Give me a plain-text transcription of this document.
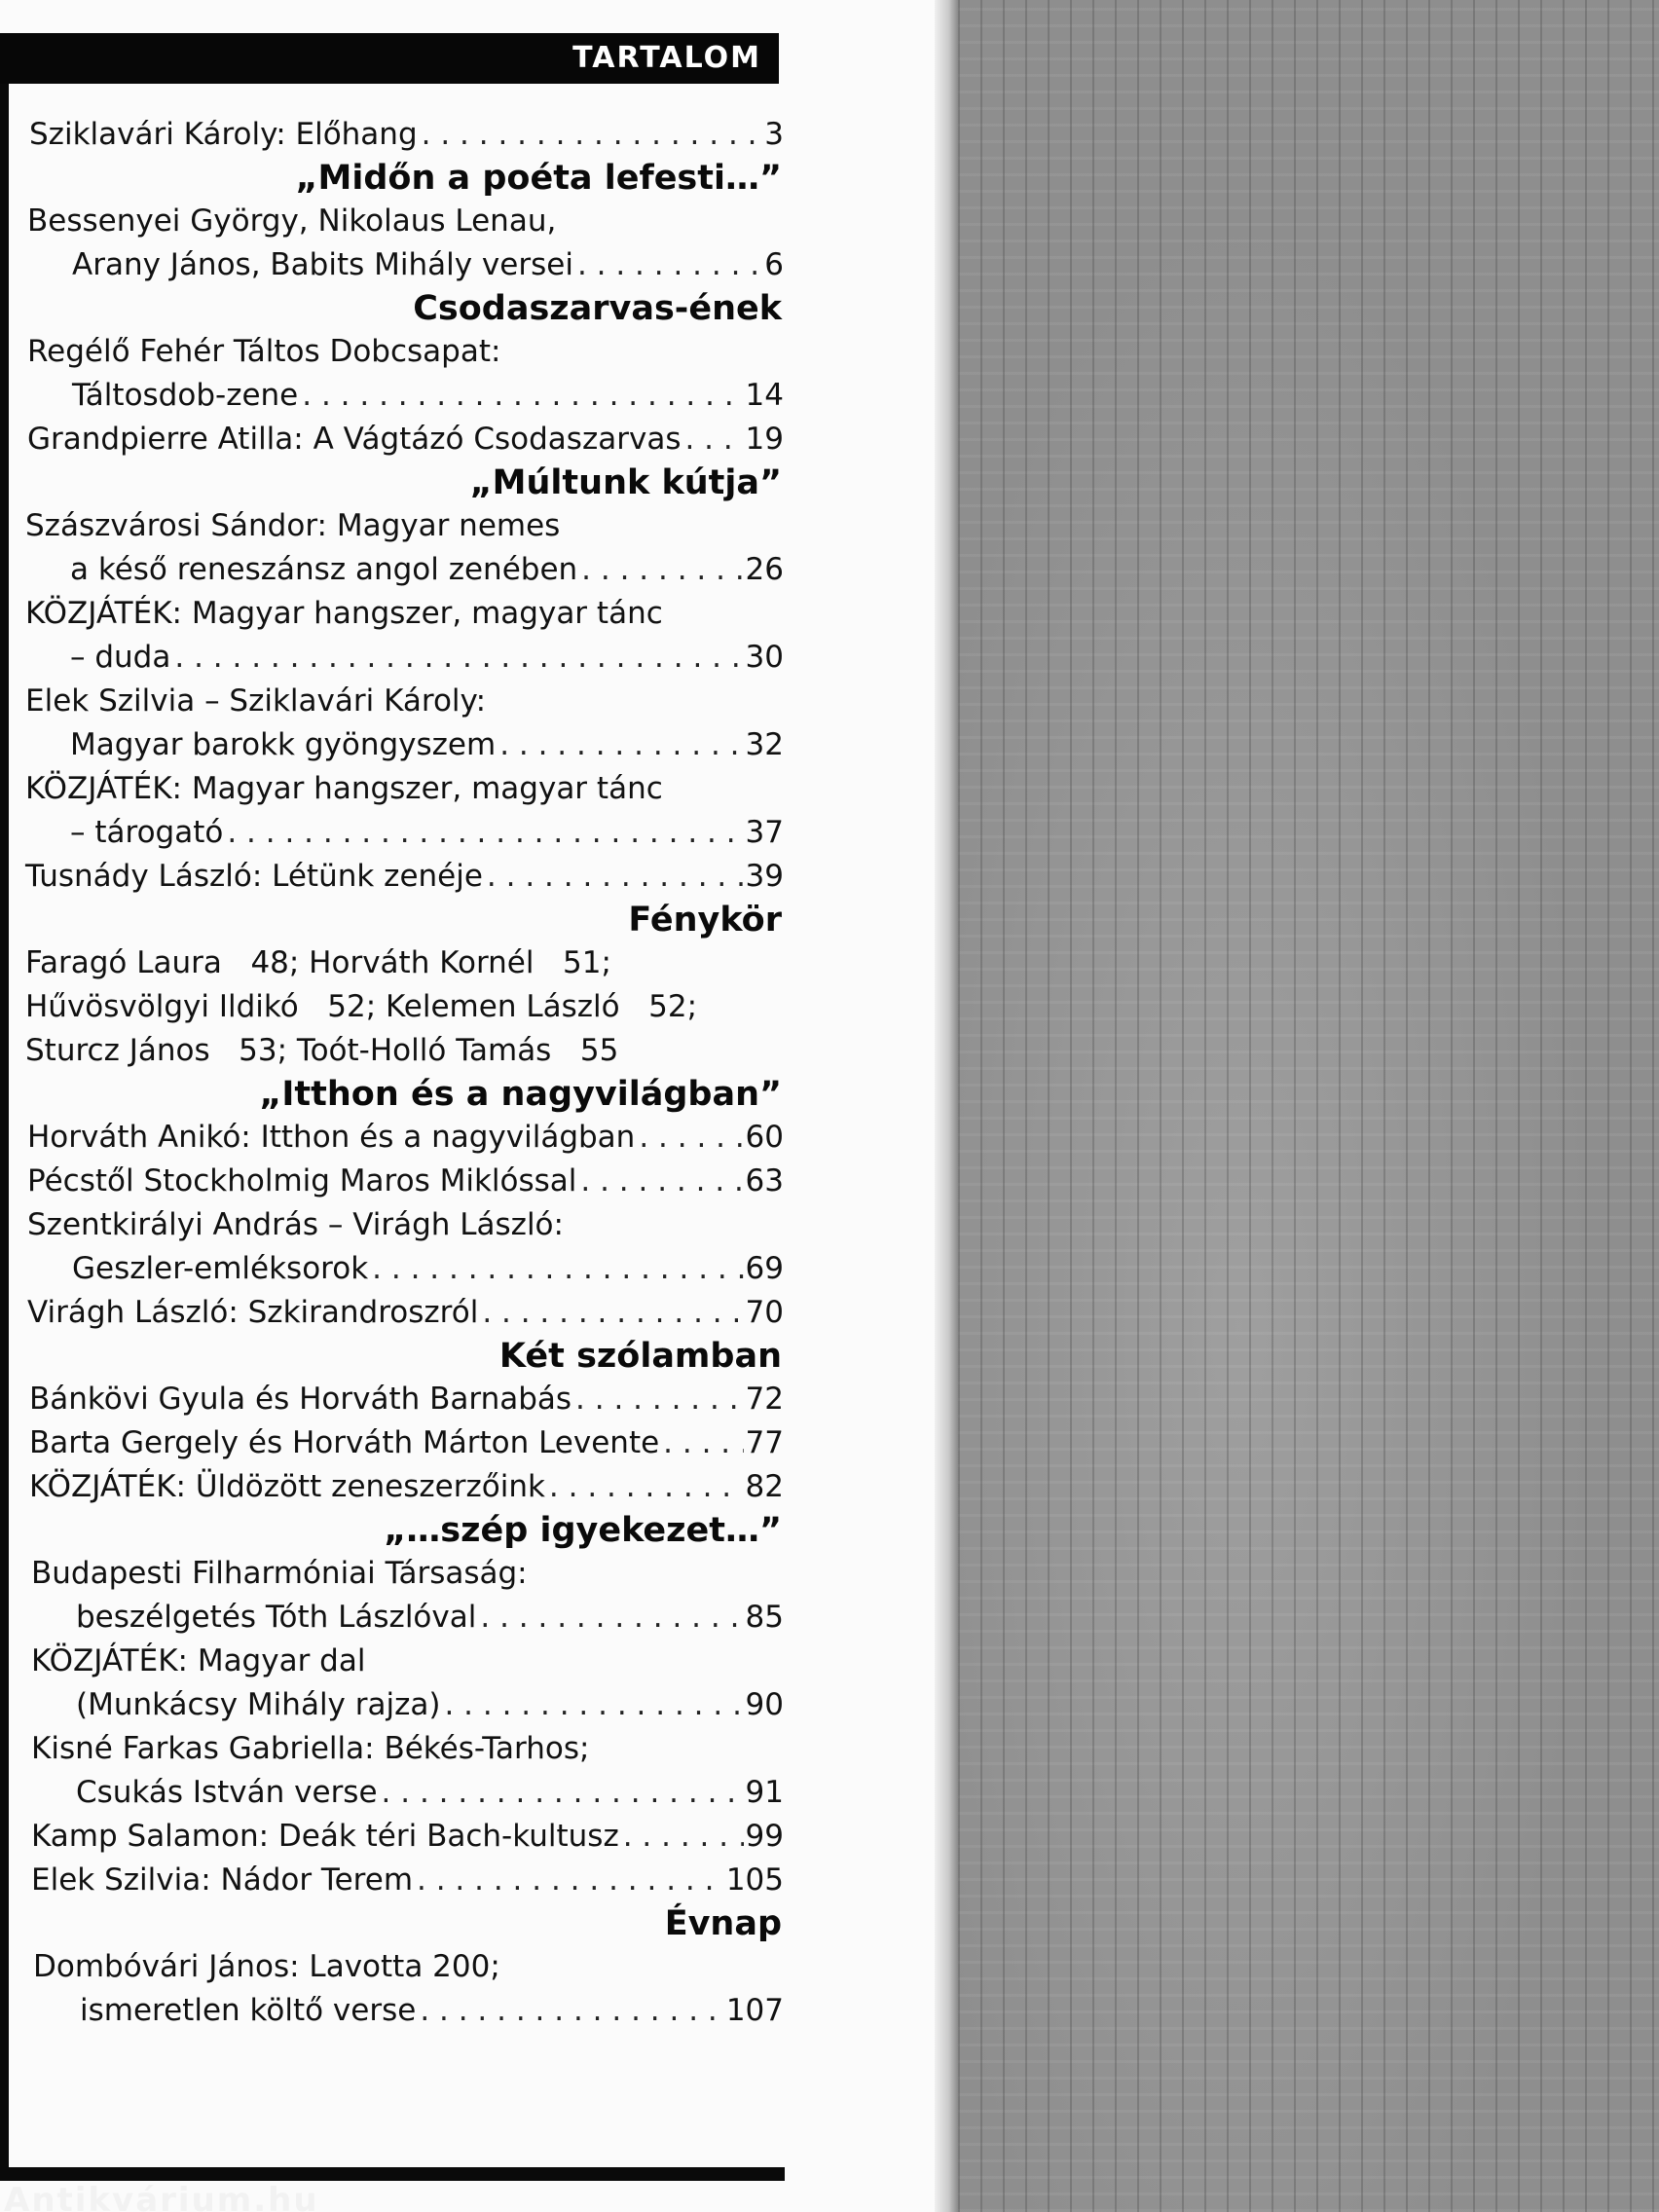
TARTALOM
Sziklavári Károly: Előhang . . .	3
„Midőn a poéta lefesti…”
Bessenyei György, Nikolaus Lenau,
Arany János, Babits Mihály versei . . .	6
Csodaszarvas-ének
Regélő Fehér Táltos Dobcsapat:
Táltosdob-zene . . .	14
Grandpierre Atilla: A Vágtázó Csodaszarvas . . . 19
„Múltunk kútja”
Szászvárosi Sándor: Magyar nemes
a késő reneszánsz angol zenében . . .	26
KÖZJÁTÉK: Magyar hangszer, magyar tánc
– duda . . .	30
Elek Szilvia – Sziklavári Károly:
Magyar barokk gyöngyszem . . .	32
KÖZJÁTÉK: Magyar hangszer, magyar tánc
– tárogató . . .	37
Tusnády László: Létünk zenéje . . .	39
Fénykör
Faragó Laura   48; Horváth Kornél   51;
Hűvösvölgyi Ildikó   52; Kelemen László   52;
Sturcz János   53; Toót-Holló Tamás   55
„Itthon és a nagyvilágban”
Horváth Anikó: Itthon és a nagyvilágban . . .	60
Pécstől Stockholmig Maros Miklóssal . . .	63
Szentkirályi András – Virágh László:
Geszler-emléksorok . . .	69
Virágh László: Szkirandroszról . . .	70
Két szólamban
Bánkövi Gyula és Horváth Barnabás . . .	72
Barta Gergely és Horváth Márton Levente . . .	77
KÖZJÁTÉK: Üldözött zeneszerzőink . . .	82
„…szép igyekezet…”
Budapesti Filharmóniai Társaság:
beszélgetés Tóth Lászlóval . . .	85
KÖZJÁTÉK: Magyar dal
(Munkácsy Mihály rajza) . . .	90
Kisné Farkas Gabriella: Békés-Tarhos;
Csukás István verse . . .	91
Kamp Salamon: Deák téri Bach-kultusz . . .	99
Elek Szilvia: Nádor Terem . . .	105
Évnap
Dombóvári János: Lavotta 200;
ismeretlen költő verse . . .	107
Antikvárium.hu
